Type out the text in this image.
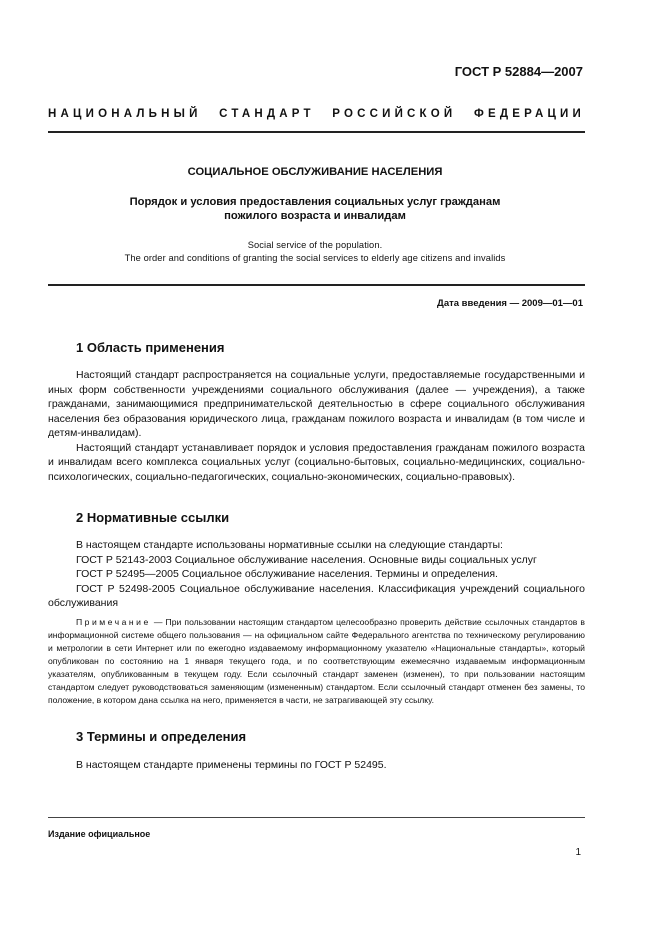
ГОСТ Р 52884—2007
НАЦИОНАЛЬНЫЙ СТАНДАРТ РОССИЙСКОЙ ФЕДЕРАЦИИ
СОЦИАЛЬНОЕ ОБСЛУЖИВАНИЕ НАСЕЛЕНИЯ
Порядок и условия предоставления социальных услуг гражданам
пожилого возраста и инвалидам
Social service of the population.
The order and conditions of granting the social services to elderly age citizens and invalids
Дата введения — 2009—01—01
1 Область применения

Настоящий стандарт распространяется на социальные услуги, предоставляемые государственными и иных форм собственности учреждениями социального обслуживания (далее — учреждения), а также гражданами, занимающимися предпринимательской деятельностью в сфере социального обслуживания населения без образования юридического лица, гражданам пожилого возраста и инвалидам (в том числе и детям-инвалидам).

Настоящий стандарт устанавливает порядок и условия предоставления гражданам пожилого возраста и инвалидам всего комплекса социальных услуг (социально-бытовых, социально-медицинских, социально-психологических, социально-педагогических, социально-экономических, социально-правовых).

2 Нормативные ссылки

В настоящем стандарте использованы нормативные ссылки на следующие стандарты:

ГОСТ Р 52143-2003 Социальное обслуживание населения. Основные виды социальных услуг

ГОСТ Р 52495—2005 Социальное обслуживание населения. Термины и определения.

ГОСТ Р 52498-2005 Социальное обслуживание населения. Классификация учреждений социального обслуживания

Примечание — При пользовании настоящим стандартом целесообразно проверить действие ссылочных стандартов в информационной системе общего пользования — на официальном сайте Федерального агентства по техническому регулированию и метрологии в сети Интернет или по ежегодно издаваемому информационному указателю «Национальные стандарты», который опубликован по состоянию на 1 января текущего года, и по соответствующим ежемесячно издаваемым информационным указателям, опубликованным в текущем году. Если ссылочный стандарт заменен (изменен), то при пользовании настоящим стандартом следует руководствоваться заменяющим (измененным) стандартом. Если ссылочный стандарт отменен без замены, то положение, в котором дана ссылка на него, применяется в части, не затрагивающей эту ссылку.

3 Термины и определения

В настоящем стандарте применены термины по ГОСТ Р 52495.

Издание официальное
1
